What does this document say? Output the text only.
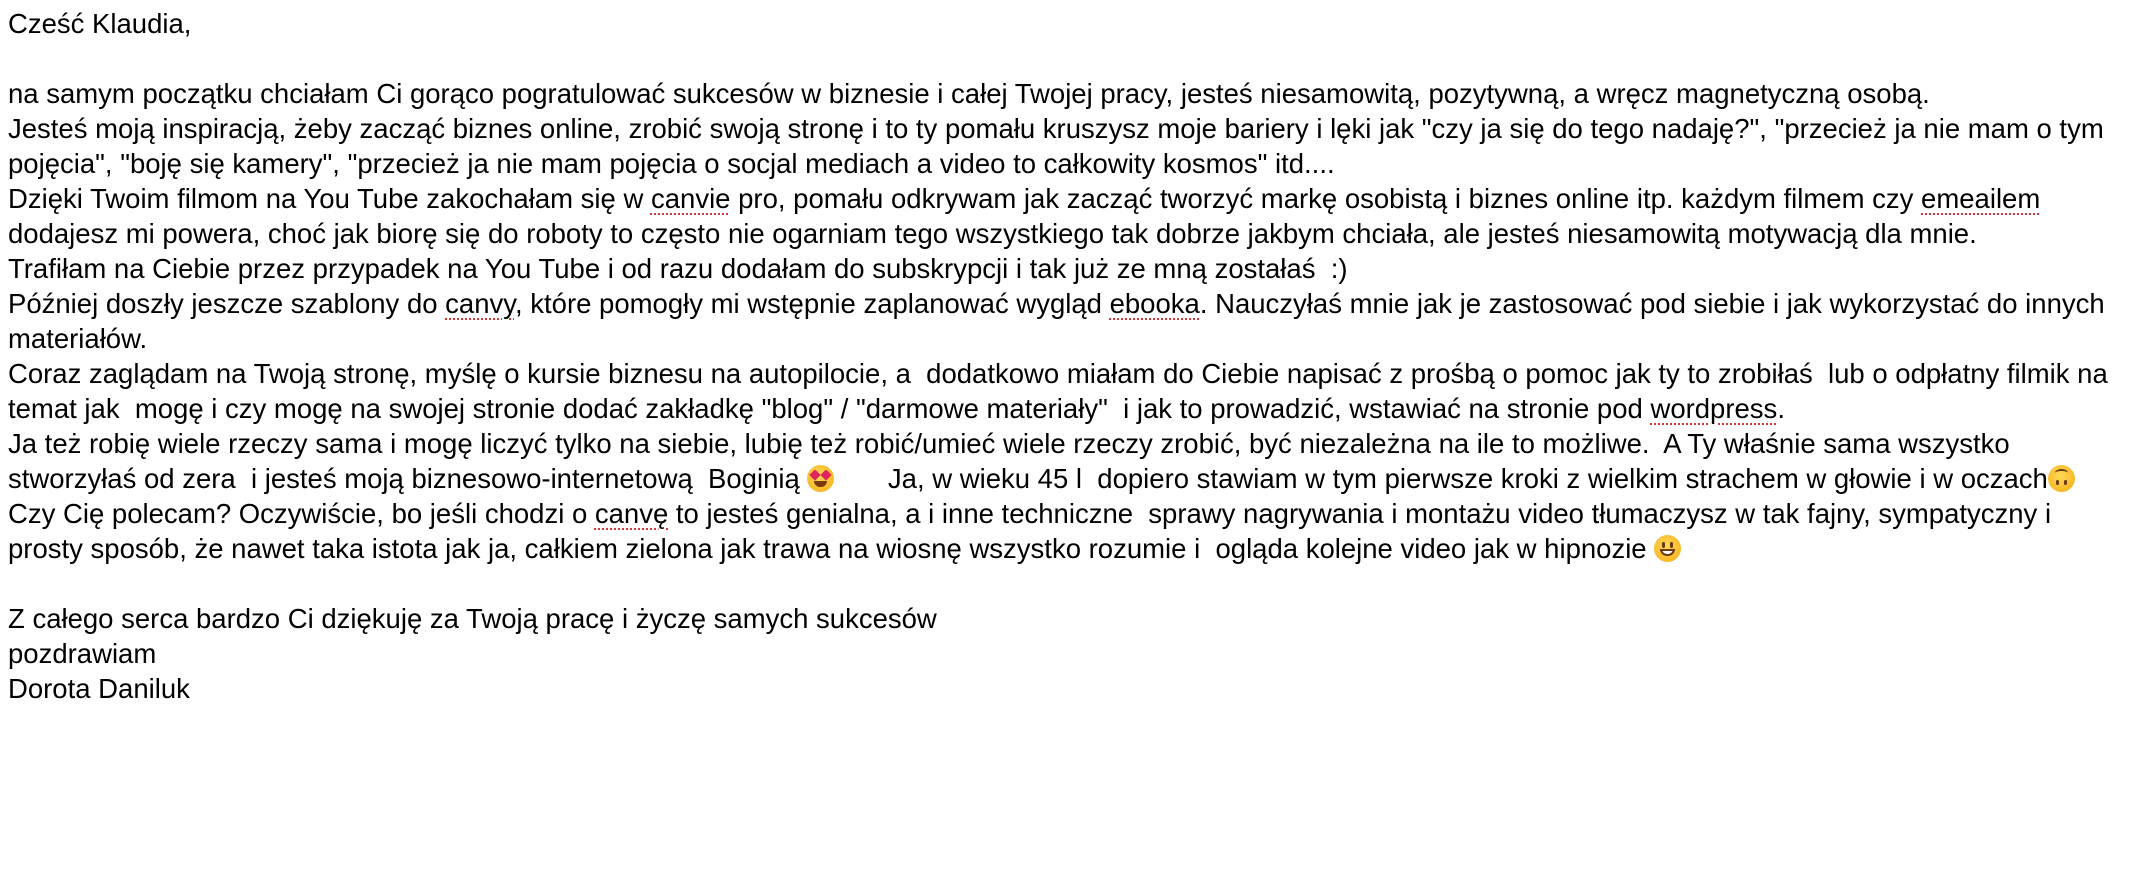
Cześć Klaudia,
na samym początku chciałam Ci gorąco pogratulować sukcesów w biznesie i całej Twojej pracy, jesteś niesamowitą, pozytywną, a wręcz magnetyczną osobą.
Jesteś moją inspiracją, żeby zacząć biznes online, zrobić swoją stronę i to ty pomału kruszysz moje bariery i lęki jak "czy ja się do tego nadaję?", "przecież ja nie mam o tym pojęcia", "boję się kamery", "przecież ja nie mam pojęcia o socjal mediach a video to całkowity kosmos" itd....
Dzięki Twoim filmom na You Tube zakochałam się w canvie pro, pomału odkrywam jak zacząć tworzyć markę osobistą i biznes online itp. każdym filmem czy emeailem dodajesz mi powera, choć jak biorę się do roboty to często nie ogarniam tego wszystkiego tak dobrze jakbym chciała, ale jesteś niesamowitą motywacją dla mnie.
Trafiłam na Ciebie przez przypadek na You Tube i od razu dodałam do subskrypcji i tak już ze mną zostałaś  :)
Później doszły jeszcze szablony do canvy, które pomogły mi wstępnie zaplanować wygląd ebooka. Nauczyłaś mnie jak je zastosować pod siebie i jak wykorzystać do innych materiałów.
Coraz zaglądam na Twoją stronę, myślę o kursie biznesu na autopilocie, a  dodatkowo miałam do Ciebie napisać z prośbą o pomoc jak ty to zrobiłaś  lub o odpłatny filmik na temat jak  mogę i czy mogę na swojej stronie dodać zakładkę "blog" / "darmowe materiały"  i jak to prowadzić, wstawiać na stronie pod wordpress.
Ja też robię wiele rzeczy sama i mogę liczyć tylko na siebie, lubię też robić/umieć wiele rzeczy zrobić, być niezależna na ile to możliwe.  A Ty właśnie sama wszystko stworzyłaś od zera  i jesteś moją biznesowo-internetową  Boginią
Ja, w wieku 45 l  dopiero stawiam w tym pierwsze kroki z wielkim strachem w głowie i w oczach
Czy Cię polecam? Oczywiście, bo jeśli chodzi o canvę to jesteś genialna, a i inne techniczne  sprawy nagrywania i montażu video tłumaczysz w tak fajny, sympatyczny i prosty sposób, że nawet taka istota jak ja, całkiem zielona jak trawa na wiosnę wszystko rozumie i  ogląda kolejne video jak w hipnozie
Z całego serca bardzo Ci dziękuję za Twoją pracę i życzę samych sukcesów
pozdrawiam
Dorota Daniluk
